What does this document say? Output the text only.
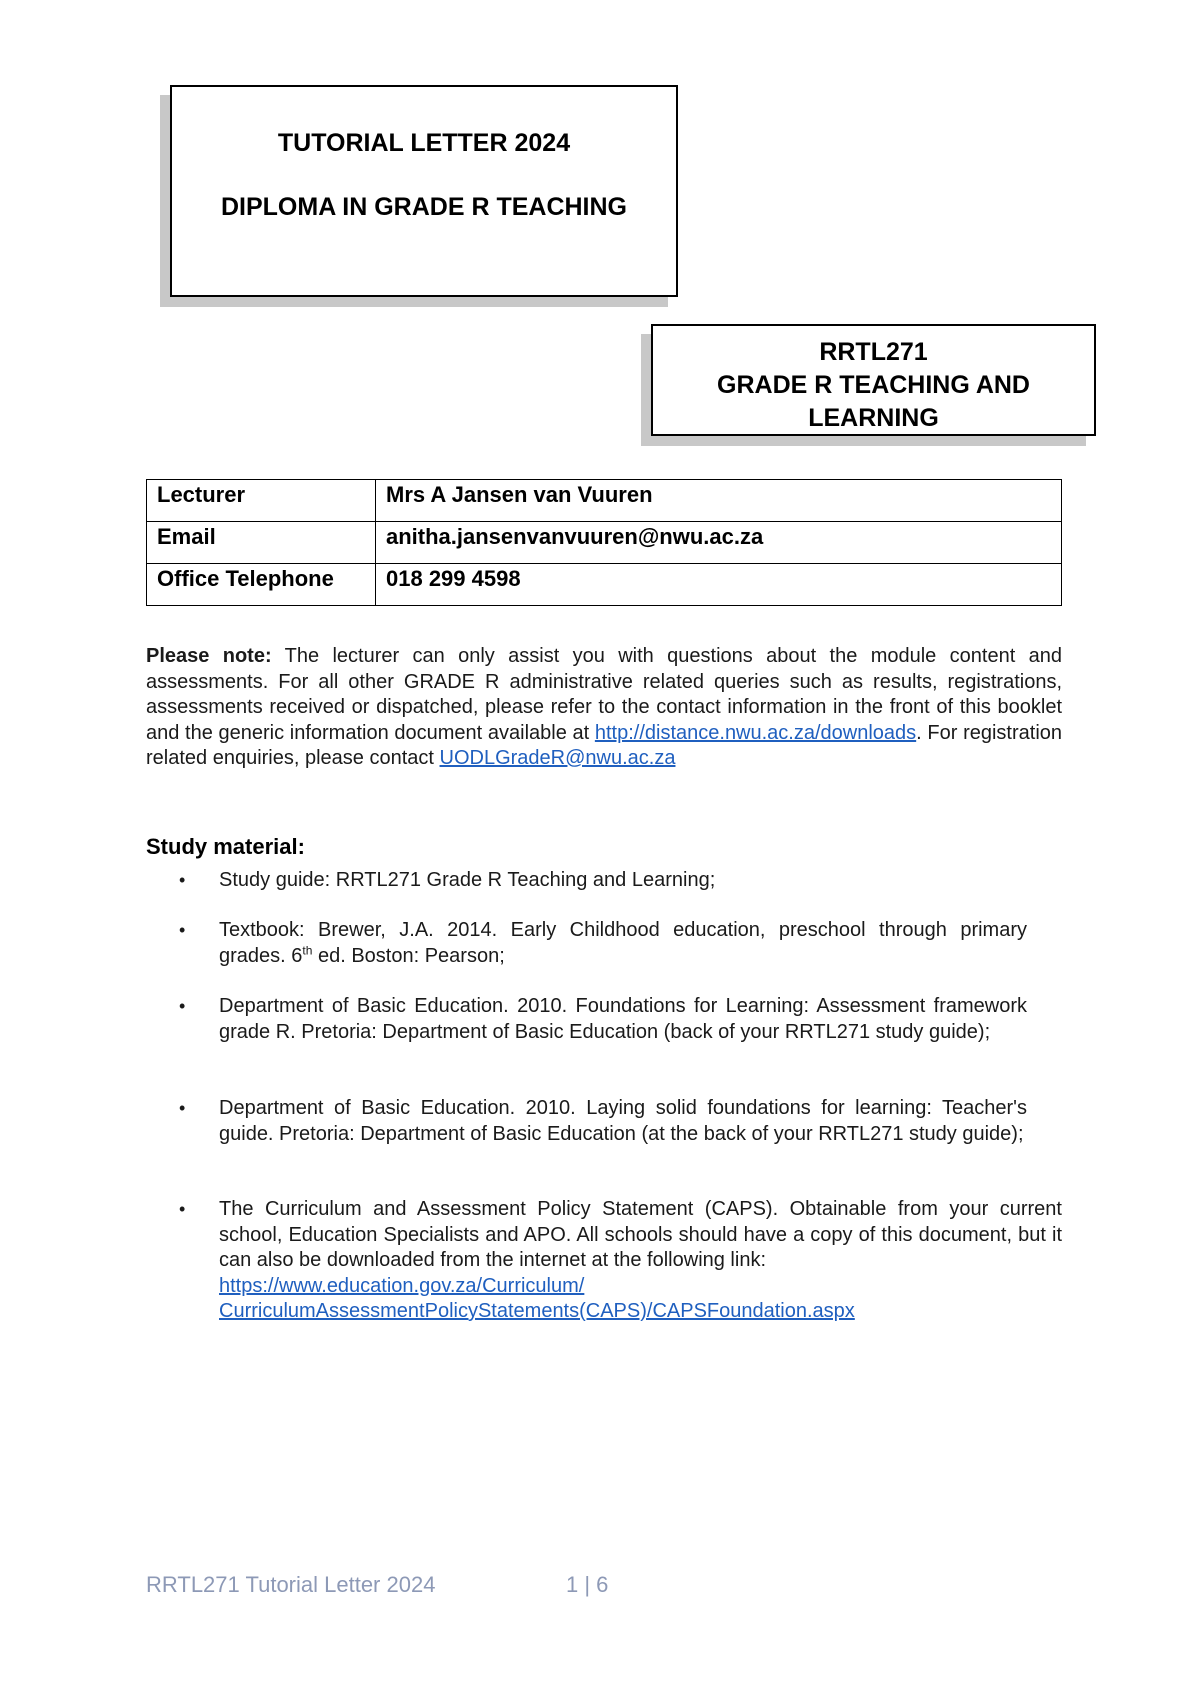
TUTORIAL LETTER 2024
DIPLOMA IN GRADE R TEACHING
RRTL271
GRADE R TEACHING AND
LEARNING
Lecturer	Mrs A Jansen van Vuuren
Email	anitha.jansenvanvuuren@nwu.ac.za
Office Telephone	018 299 4598
Please note: The lecturer can only assist you with questions about the module content and assessments. For all other GRADE R administrative related queries such as results, registrations, assessments received or dispatched, please refer to the contact information in the front of this booklet and the generic information document available at http://distance.nwu.ac.za/downloads. For registration related enquiries, please contact UODLGradeR@nwu.ac.za
Study material:
• Study guide: RRTL271 Grade R Teaching and Learning;
• Textbook: Brewer, J.A. 2014. Early Childhood education, preschool through primary grades. 6th ed. Boston: Pearson;
• Department of Basic Education. 2010. Foundations for Learning: Assessment framework grade R. Pretoria: Department of Basic Education (back of your RRTL271 study guide);
• Department of Basic Education. 2010. Laying solid foundations for learning: Teacher's guide. Pretoria: Department of Basic Education (at the back of your RRTL271 study guide);
• The Curriculum and Assessment Policy Statement (CAPS). Obtainable from your current school, Education Specialists and APO. All schools should have a copy of this document, but it can also be downloaded from the internet at the following link:
https://www.education.gov.za/Curriculum/
CurriculumAssessmentPolicyStatements(CAPS)/CAPSFoundation.aspx
RRTL271 Tutorial Letter 2024	1 | 6
